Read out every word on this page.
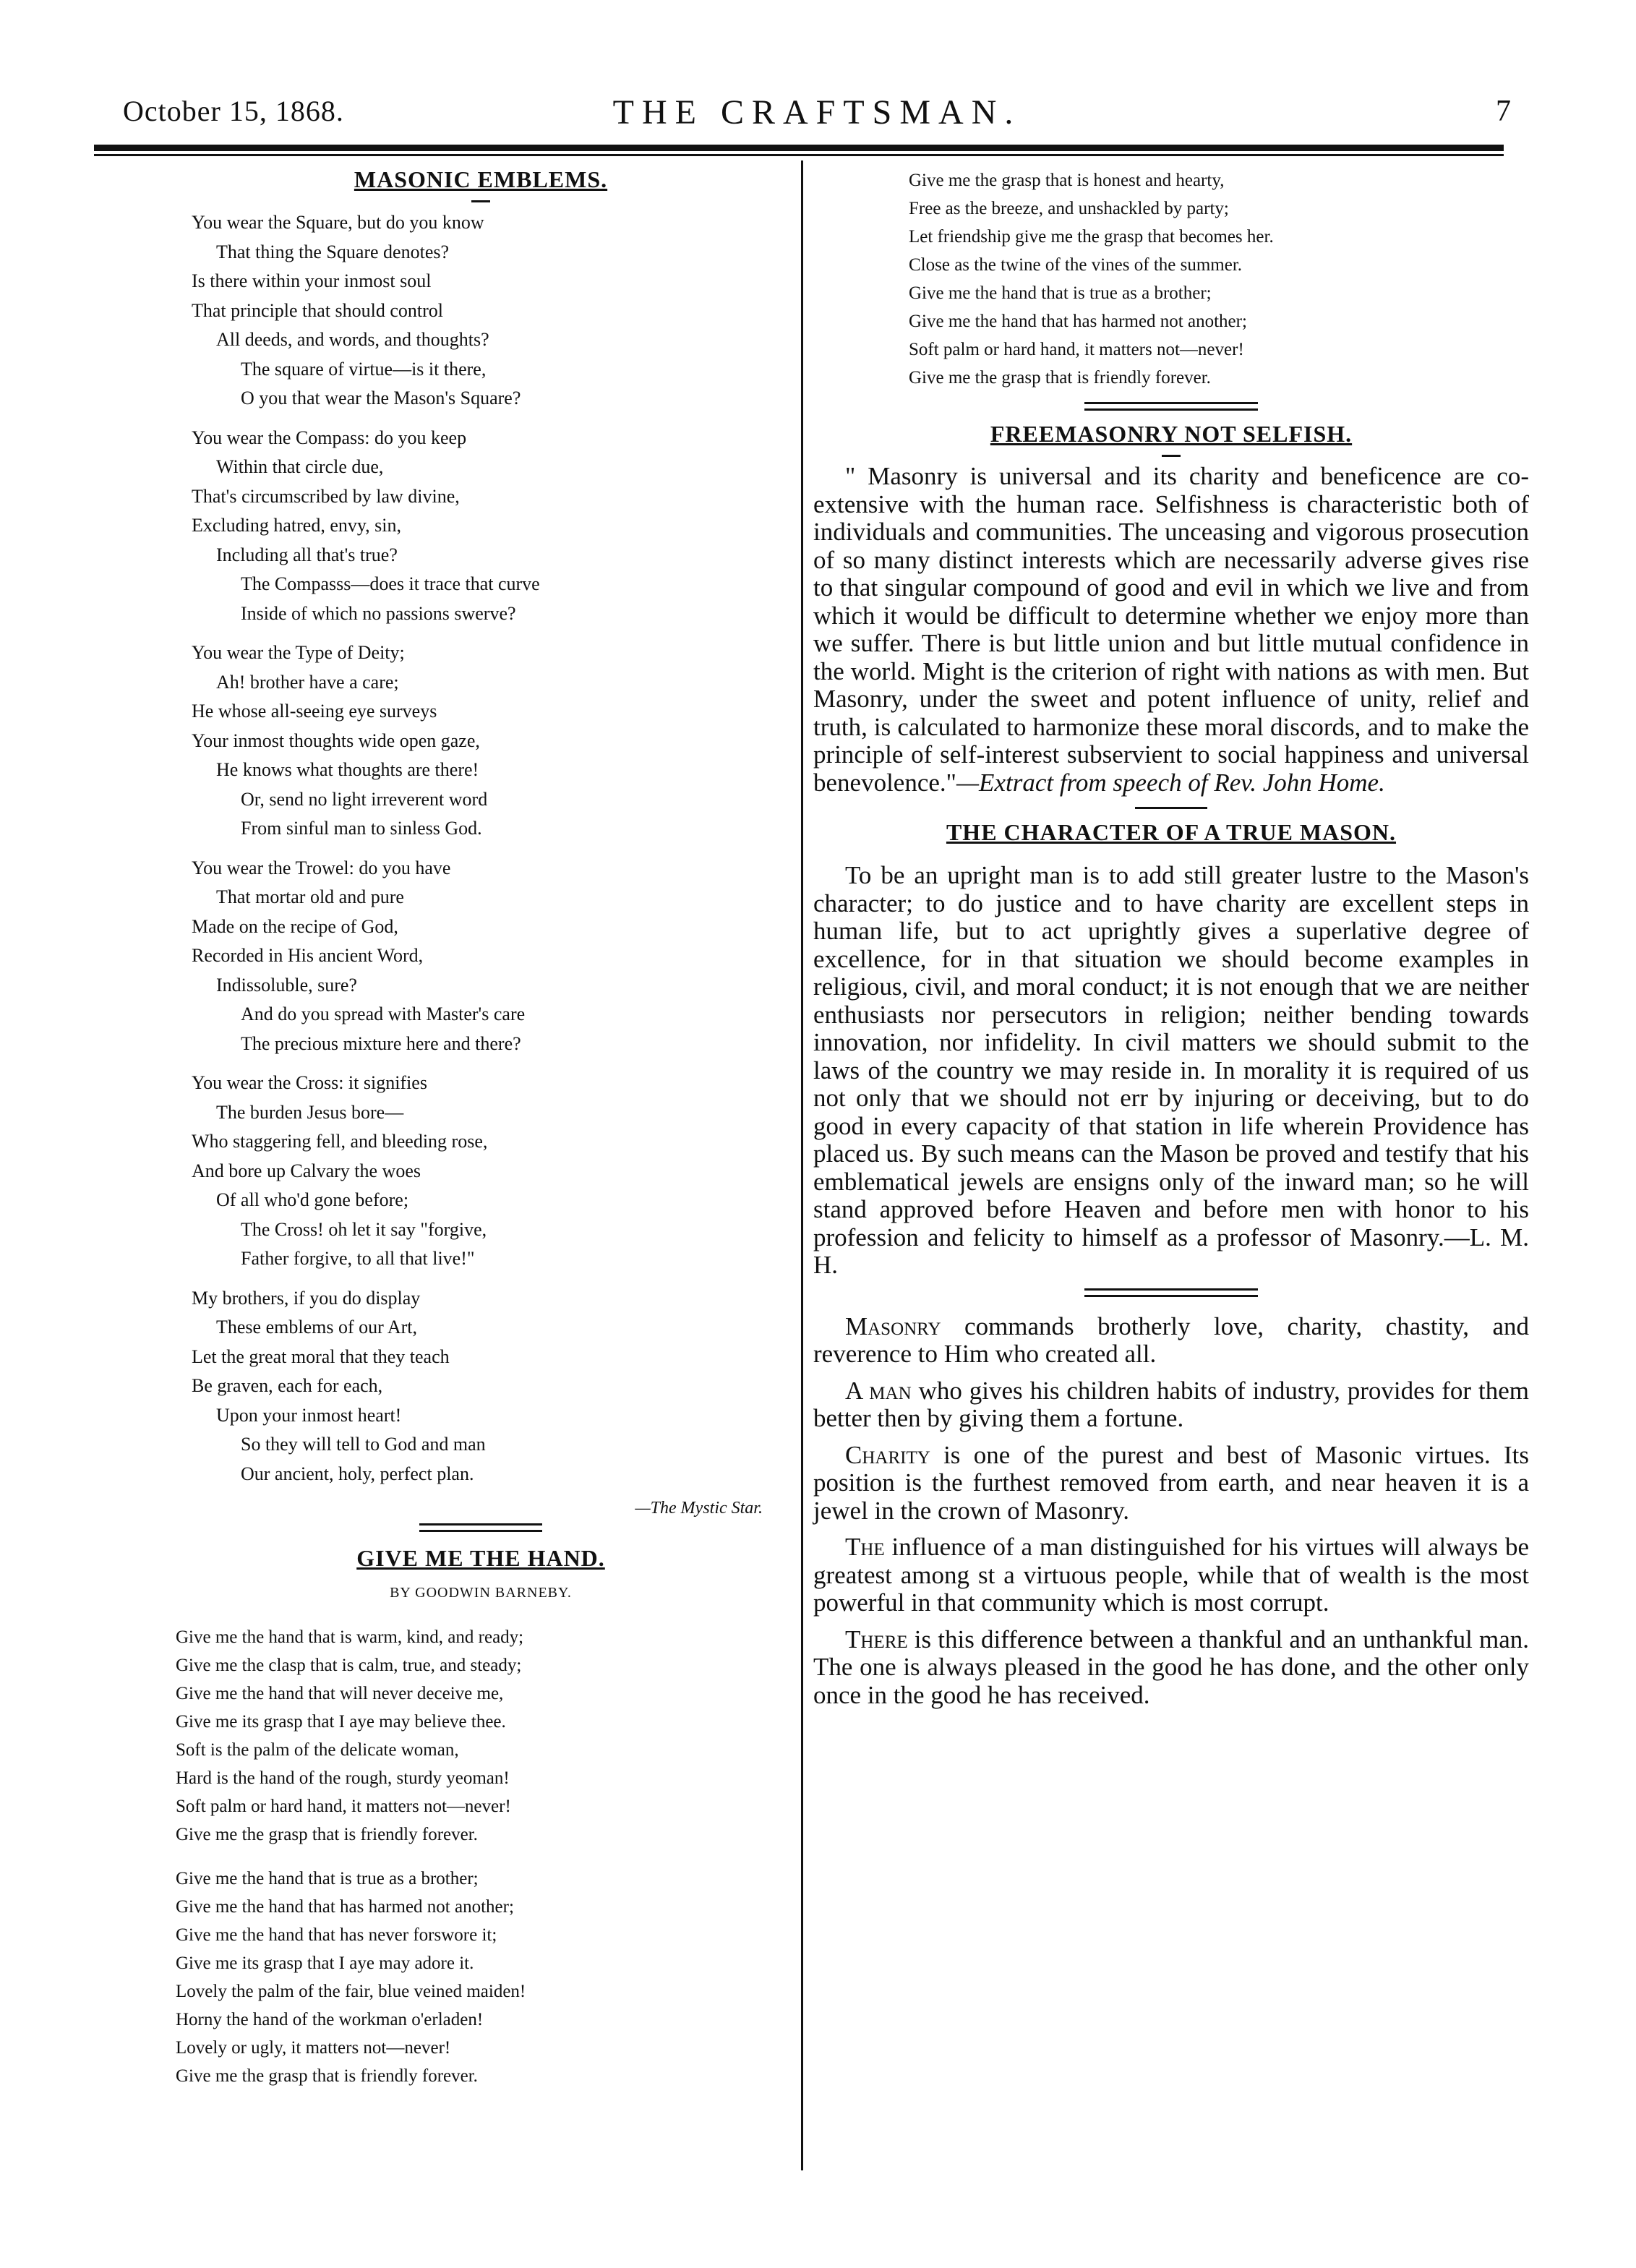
October 15, 1868.	THE CRAFTSMAN.	7
MASONIC EMBLEMS.
You wear the Square, but do you know
That thing the Square denotes?
Is there within your inmost soul
That principle that should control
All deeds, and words, and thoughts?
The square of virtue—is it there,
O you that wear the Mason's Square?
You wear the Compass: do you keep
Within that circle due,
That's circumscribed by law divine,
Excluding hatred, envy, sin,
Including all that's true?
The Compasss—does it trace that curve
Inside of which no passions swerve?
You wear the Type of Deity;
Ah! brother have a care;
He whose all-seeing eye surveys
Your inmost thoughts wide open gaze,
He knows what thoughts are there!
Or, send no light irreverent word
From sinful man to sinless God.
You wear the Trowel: do you have
That mortar old and pure
Made on the recipe of God,
Recorded in His ancient Word,
Indissoluble, sure?
And do you spread with Master's care
The precious mixture here and there?
You wear the Cross: it signifies
The burden Jesus bore—
Who staggering fell, and bleeding rose,
And bore up Calvary the woes
Of all who'd gone before;
The Cross! oh let it say "forgive,
Father forgive, to all that live!"
My brothers, if you do display
These emblems of our Art,
Let the great moral that they teach
Be graven, each for each,
Upon your inmost heart!
So they will tell to God and man
Our ancient, holy, perfect plan.
—The Mystic Star.
GIVE ME THE HAND.
BY GOODWIN BARNEBY.
Give me the hand that is warm, kind, and ready;
Give me the clasp that is calm, true, and steady;
Give me the hand that will never deceive me,
Give me its grasp that I aye may believe thee.
Soft is the palm of the delicate woman,
Hard is the hand of the rough, sturdy yeoman!
Soft palm or hard hand, it matters not—never!
Give me the grasp that is friendly forever.
Give me the hand that is true as a brother;
Give me the hand that has harmed not another;
Give me the hand that has never forswore it;
Give me its grasp that I aye may adore it.
Lovely the palm of the fair, blue veined maiden!
Horny the hand of the workman o'erladen!
Lovely or ugly, it matters not—never!
Give me the grasp that is friendly forever.
Give me the grasp that is honest and hearty,
Free as the breeze, and unshackled by party;
Let friendship give me the grasp that becomes her.
Close as the twine of the vines of the summer.
Give me the hand that is true as a brother;
Give me the hand that has harmed not another;
Soft palm or hard hand, it matters not—never!
Give me the grasp that is friendly forever.
FREEMASONRY NOT SELFISH.

" Masonry is universal and its charity and beneficence are co-extensive with the human race. Selfishness is characteristic both of individuals and communities. The unceasing and vigorous prosecution of so many distinct interests which are necessarily adverse gives rise to that singular compound of good and evil in which we live and from which it would be difficult to determine whether we enjoy more than we suffer. There is but little union and but little mutual confidence in the world. Might is the criterion of right with nations as with men. But Masonry, under the sweet and potent influence of unity, relief and truth, is calculated to harmonize these moral discords, and to make the principle of self-interest subservient to social happiness and universal benevolence."—Extract from speech of Rev. John Home.

THE CHARACTER OF A TRUE MASON.

To be an upright man is to add still greater lustre to the Mason's character; to do justice and to have charity are excellent steps in human life, but to act uprightly gives a superlative degree of excellence, for in that situation we should become examples in religious, civil, and moral conduct; it is not enough that we are neither enthusiasts nor persecutors in religion; neither bending towards innovation, nor infidelity. In civil matters we should submit to the laws of the country we may reside in. In morality it is required of us not only that we should not err by injuring or deceiving, but to do good in every capacity of that station in life wherein Providence has placed us. By such means can the Mason be proved and testify that his emblematical jewels are ensigns only of the inward man; so he will stand approved before Heaven and before men with honor to his profession and felicity to himself as a professor of Masonry.—L. M. H.

Masonry commands brotherly love, charity, chastity, and reverence to Him who created all.

A man who gives his children habits of industry, provides for them better then by giving them a fortune.

Charity is one of the purest and best of Masonic virtues. Its position is the furthest removed from earth, and near heaven it is a jewel in the crown of Masonry.

The influence of a man distinguished for his virtues will always be greatest among st a virtuous people, while that of wealth is the most powerful in that community which is most corrupt.

There is this difference between a thankful and an unthankful man. The one is always pleased in the good he has done, and the other only once in the good he has received.
